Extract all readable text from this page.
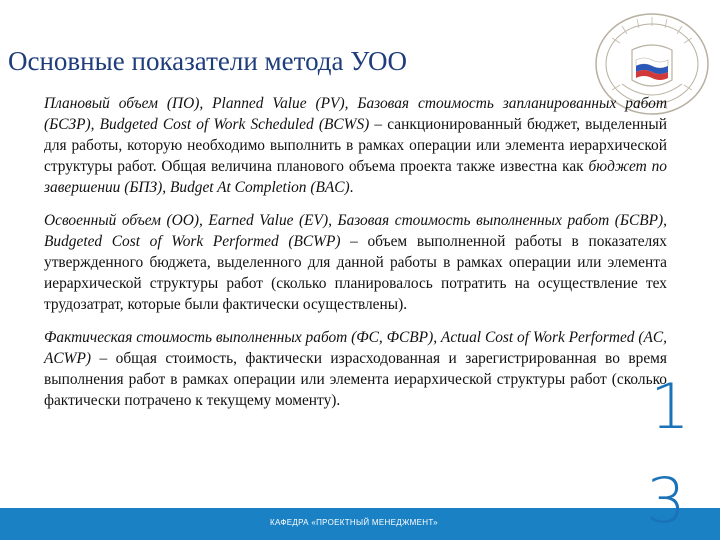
Основные показатели метода УОО

Плановый объем (ПО), Planned Value (PV), Базовая стоимость запланированных работ (БСЗР), Budgeted Cost of Work Scheduled (BCWS) – санкционированный бюджет, выделенный для работы, которую необходимо выполнить в рамках операции или элемента иерархической структуры работ. Общая величина планового объема проекта также известна как бюджет по завершении (БПЗ), Budget At Completion (BAC).

Освоенный объем (ОО), Earned Value (EV), Базовая стоимость выполненных работ (БСВР), Budgeted Cost of Work Performed (BCWP) – объем выполненной работы в показателях утвержденного бюджета, выделенного для данной работы в рамках операции или элемента иерархической структуры работ (сколько планировалось потратить на осуществление тех трудозатрат, которые были фактически осуществлены).

Фактическая стоимость выполненных работ (ФС, ФСВР), Actual Cost of Work Performed (AC, ACWP) – общая стоимость, фактически израсходованная и зарегистрированная во время выполнения работ в рамках операции или элемента иерархической структуры работ (сколько фактически потрачено к текущему моменту).	1
КАФЕДРА «ПРОЕКТНЫЙ МЕНЕДЖМЕНТ»	3
